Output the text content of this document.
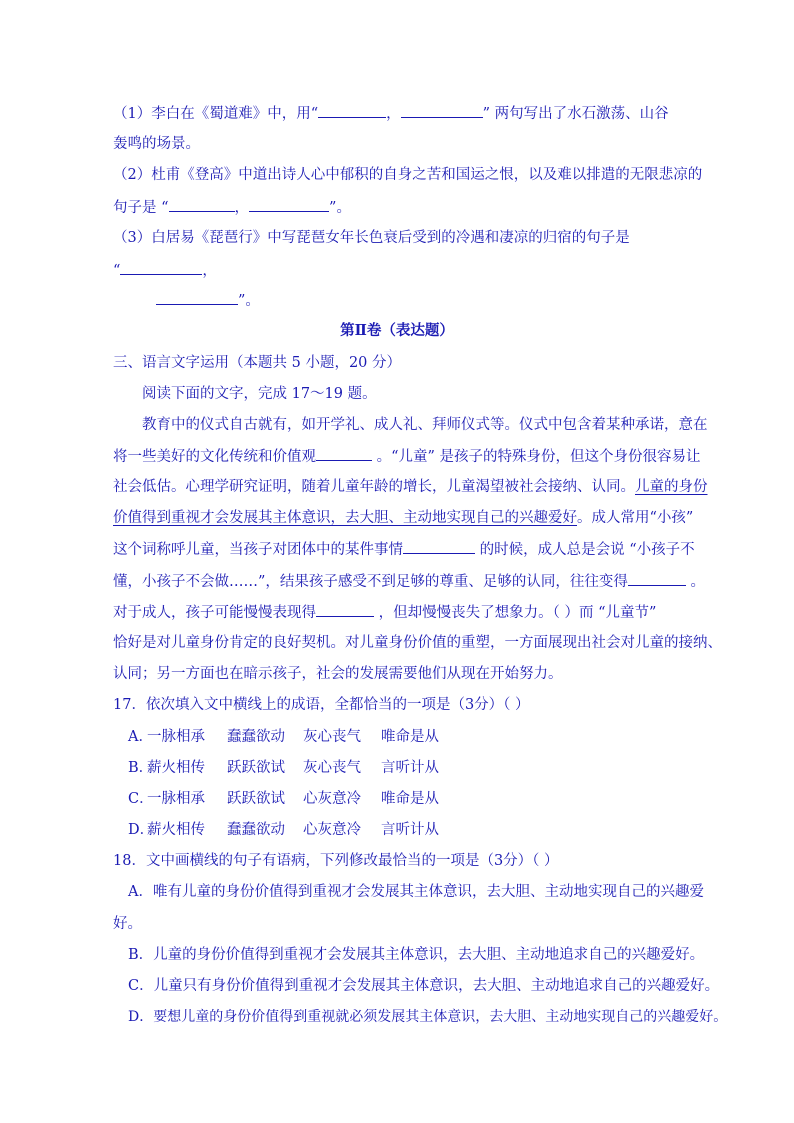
（1）李白在《蜀道难》中，用“	，	” 两句写出了水石激荡、山谷
轰鸣的场景。
（2）杜甫《登高》中道出诗人心中郁积的自身之苦和国运之恨，以及难以排遣的无限悲凉的
句子是 “	，	”。
（3）白居易《琵琶行》中写琵琶女年长色衰后受到的冷遇和凄凉的归宿的句子是
“	，
”。
第Ⅱ卷（表达题）
三、语言文字运用（本题共 5 小题，20 分）
阅读下面的文字，完成 17～19 题。
教育中的仪式自古就有，如开学礼、成人礼、拜师仪式等。仪式中包含着某种承诺，意在
将一些美好的文化传统和价值观	。“儿童” 是孩子的特殊身份，但这个身份很容易让
社会低估。心理学研究证明，随着儿童年龄的增长，儿童渴望被社会接纳、认同。儿童的身份
价值得到重视才会发展其主体意识，去大胆、主动地实现自己的兴趣爱好。成人常用“小孩”
这个词称呼儿童，当孩子对团体中的某件事情	的时候，成人总是会说 “小孩子不
懂，小孩子不会做……”，结果孩子感受不到足够的尊重、足够的认同，往往变得	。
对于成人，孩子可能慢慢表现得	，但却慢慢丧失了想象力。（ ）而 “儿童节”
恰好是对儿童身份肯定的良好契机。对儿童身份价值的重塑，一方面展现出社会对儿童的接纳、
认同；另一方面也在暗示孩子，社会的发展需要他们从现在开始努力。
17．依次填入文中横线上的成语，全都恰当的一项是（3分）（ ）
A．一脉相承 蠢蠢欲动 灰心丧气 唯命是从
B．薪火相传 跃跃欲试 灰心丧气 言听计从
C．一脉相承 跃跃欲试 心灰意冷 唯命是从
D．薪火相传 蠢蠢欲动 心灰意冷 言听计从
18．文中画横线的句子有语病，下列修改最恰当的一项是（3分）（ ）
A．唯有儿童的身份价值得到重视才会发展其主体意识，去大胆、主动地实现自己的兴趣爱
好。
B．儿童的身份价值得到重视才会发展其主体意识，去大胆、主动地追求自己的兴趣爱好。
C．儿童只有身份价值得到重视才会发展其主体意识，去大胆、主动地追求自己的兴趣爱好。
D．要想儿童的身份价值得到重视就必须发展其主体意识，去大胆、主动地实现自己的兴趣爱好。
